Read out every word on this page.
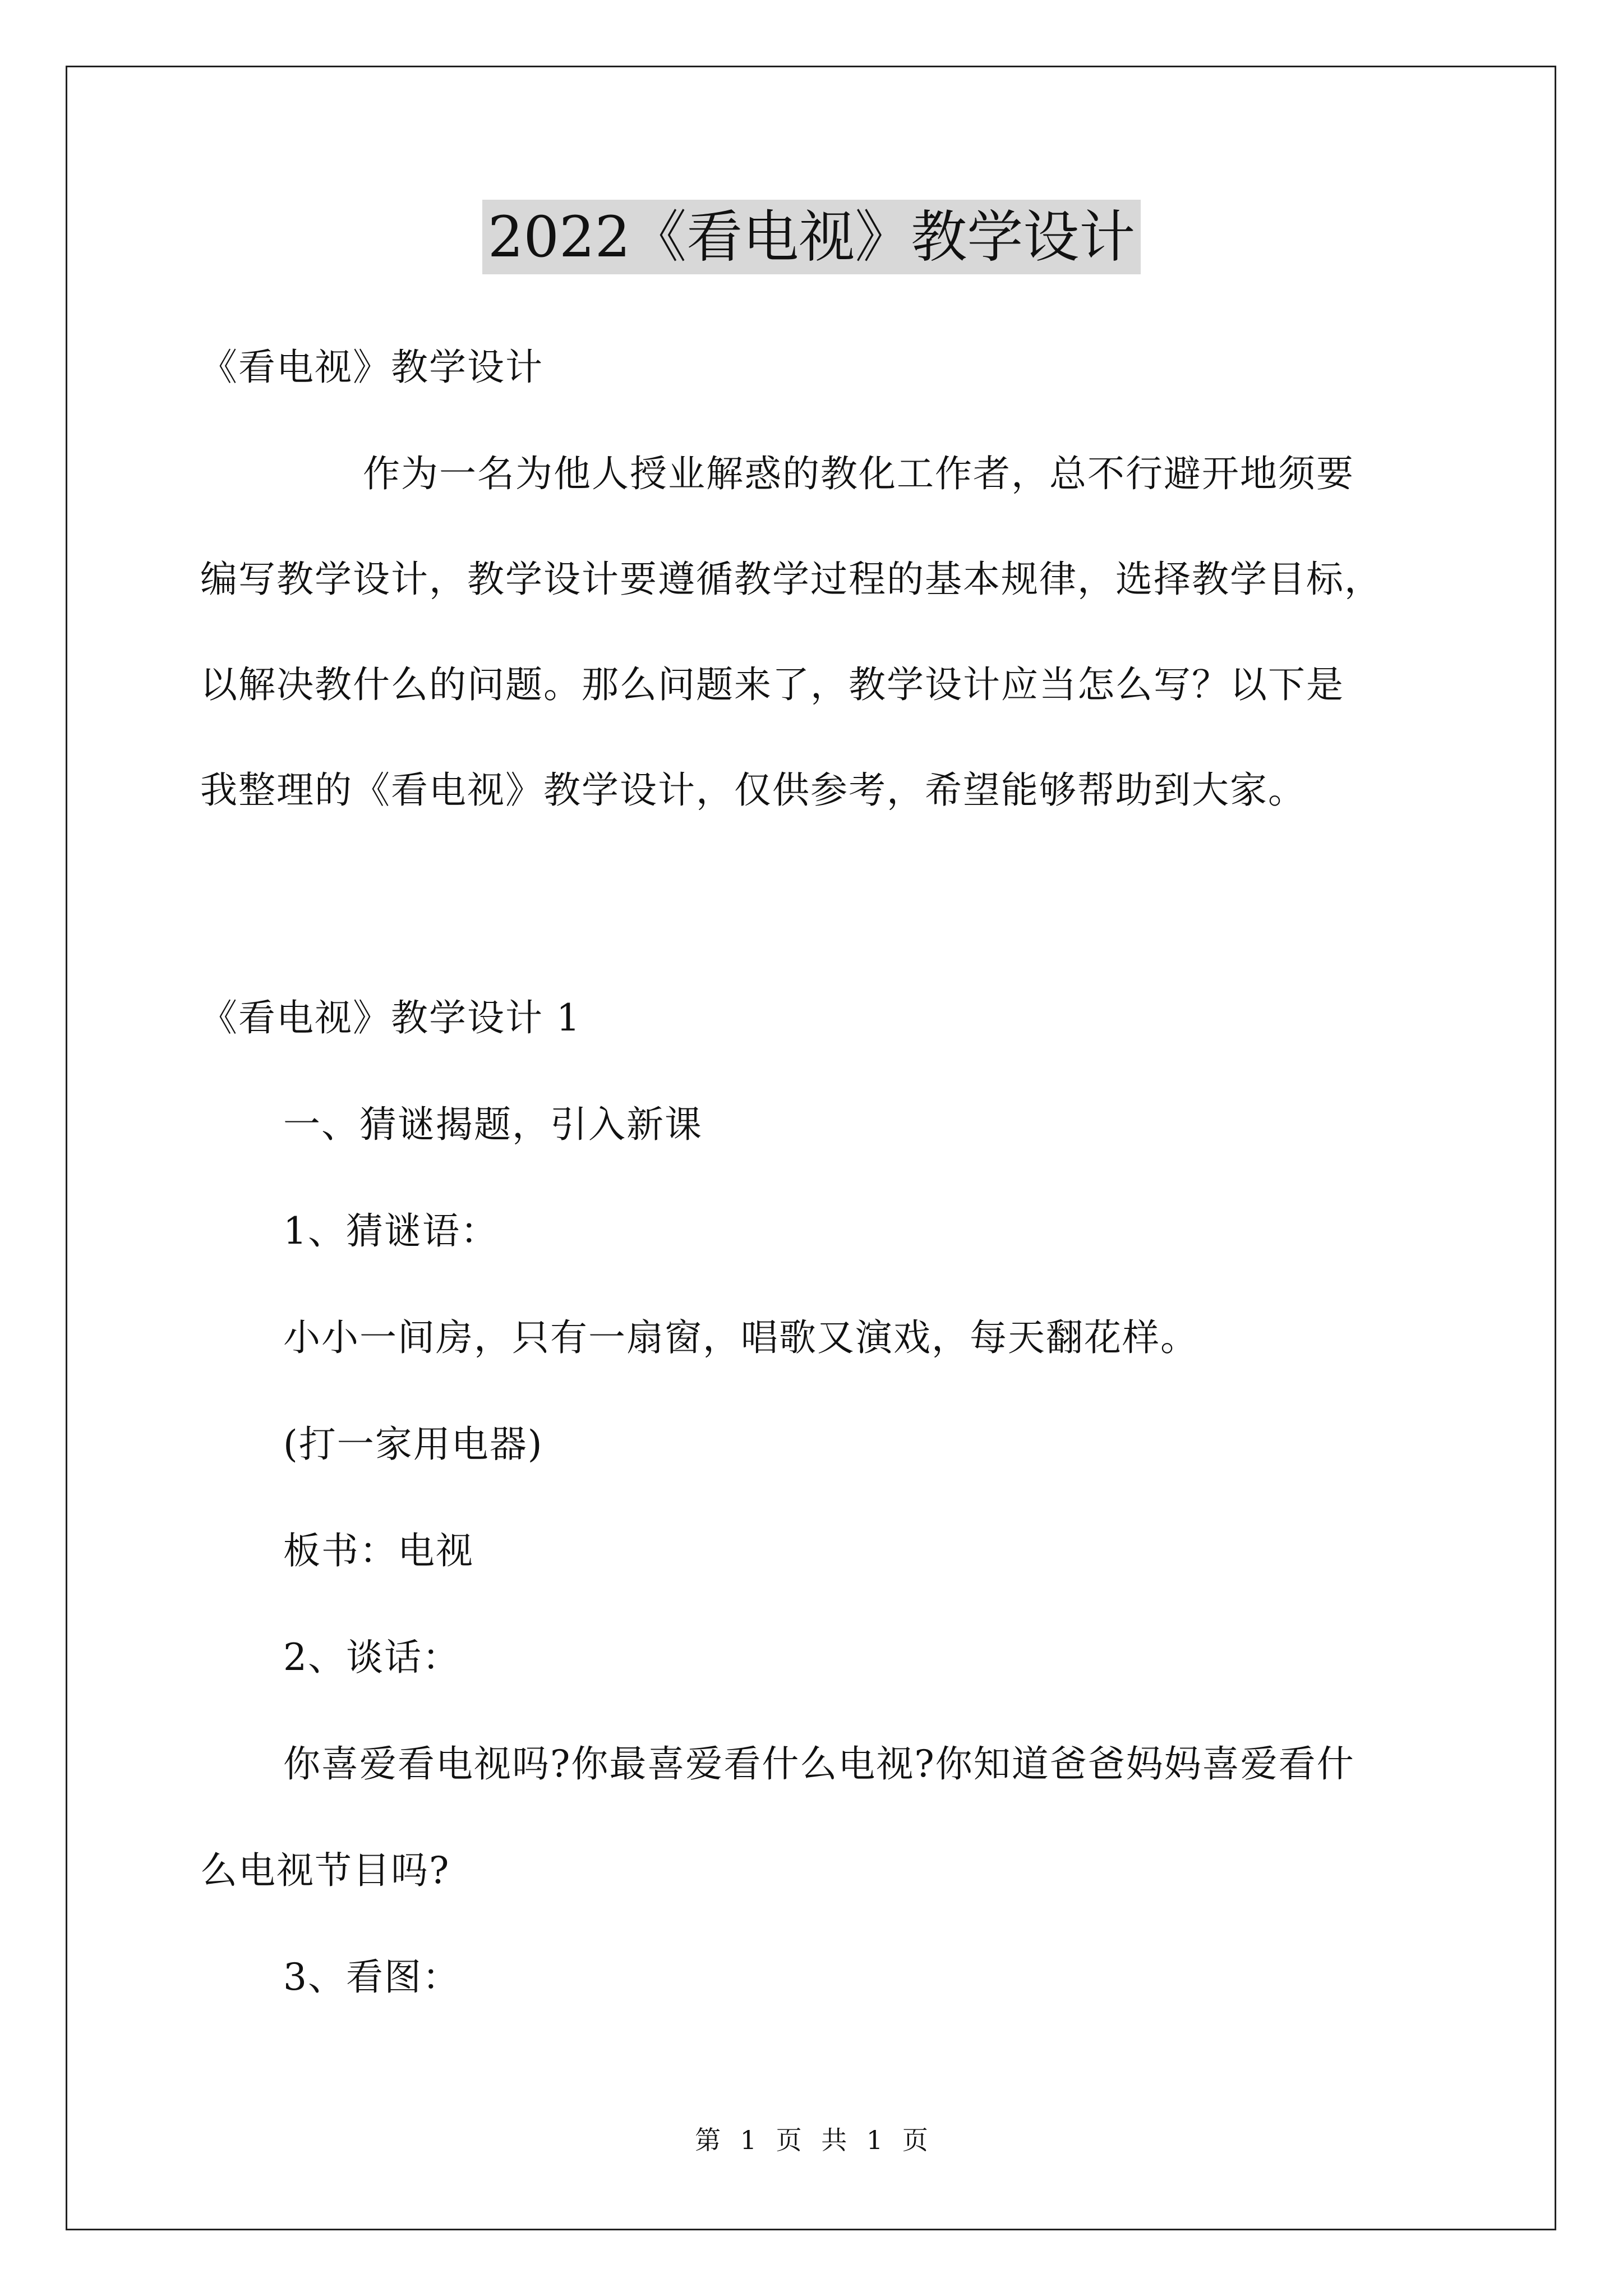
2022《看电视》教学设计
《看电视》教学设计
作为一名为他人授业解惑的教化工作者，总不行避开地须要
编写教学设计，教学设计要遵循教学过程的基本规律，选择教学目标，
以解决教什么的问题。那么问题来了，教学设计应当怎么写？以下是
我整理的《看电视》教学设计，仅供参考，希望能够帮助到大家。
《看电视》教学设计 1
一、猜谜揭题，引入新课
1、猜谜语：
小小一间房，只有一扇窗，唱歌又演戏，每天翻花样。
(打一家用电器)
板书：电视
2、谈话：
你喜爱看电视吗?你最喜爱看什么电视?你知道爸爸妈妈喜爱看什
么电视节目吗?
3、看图：
第 1 页 共 1 页
